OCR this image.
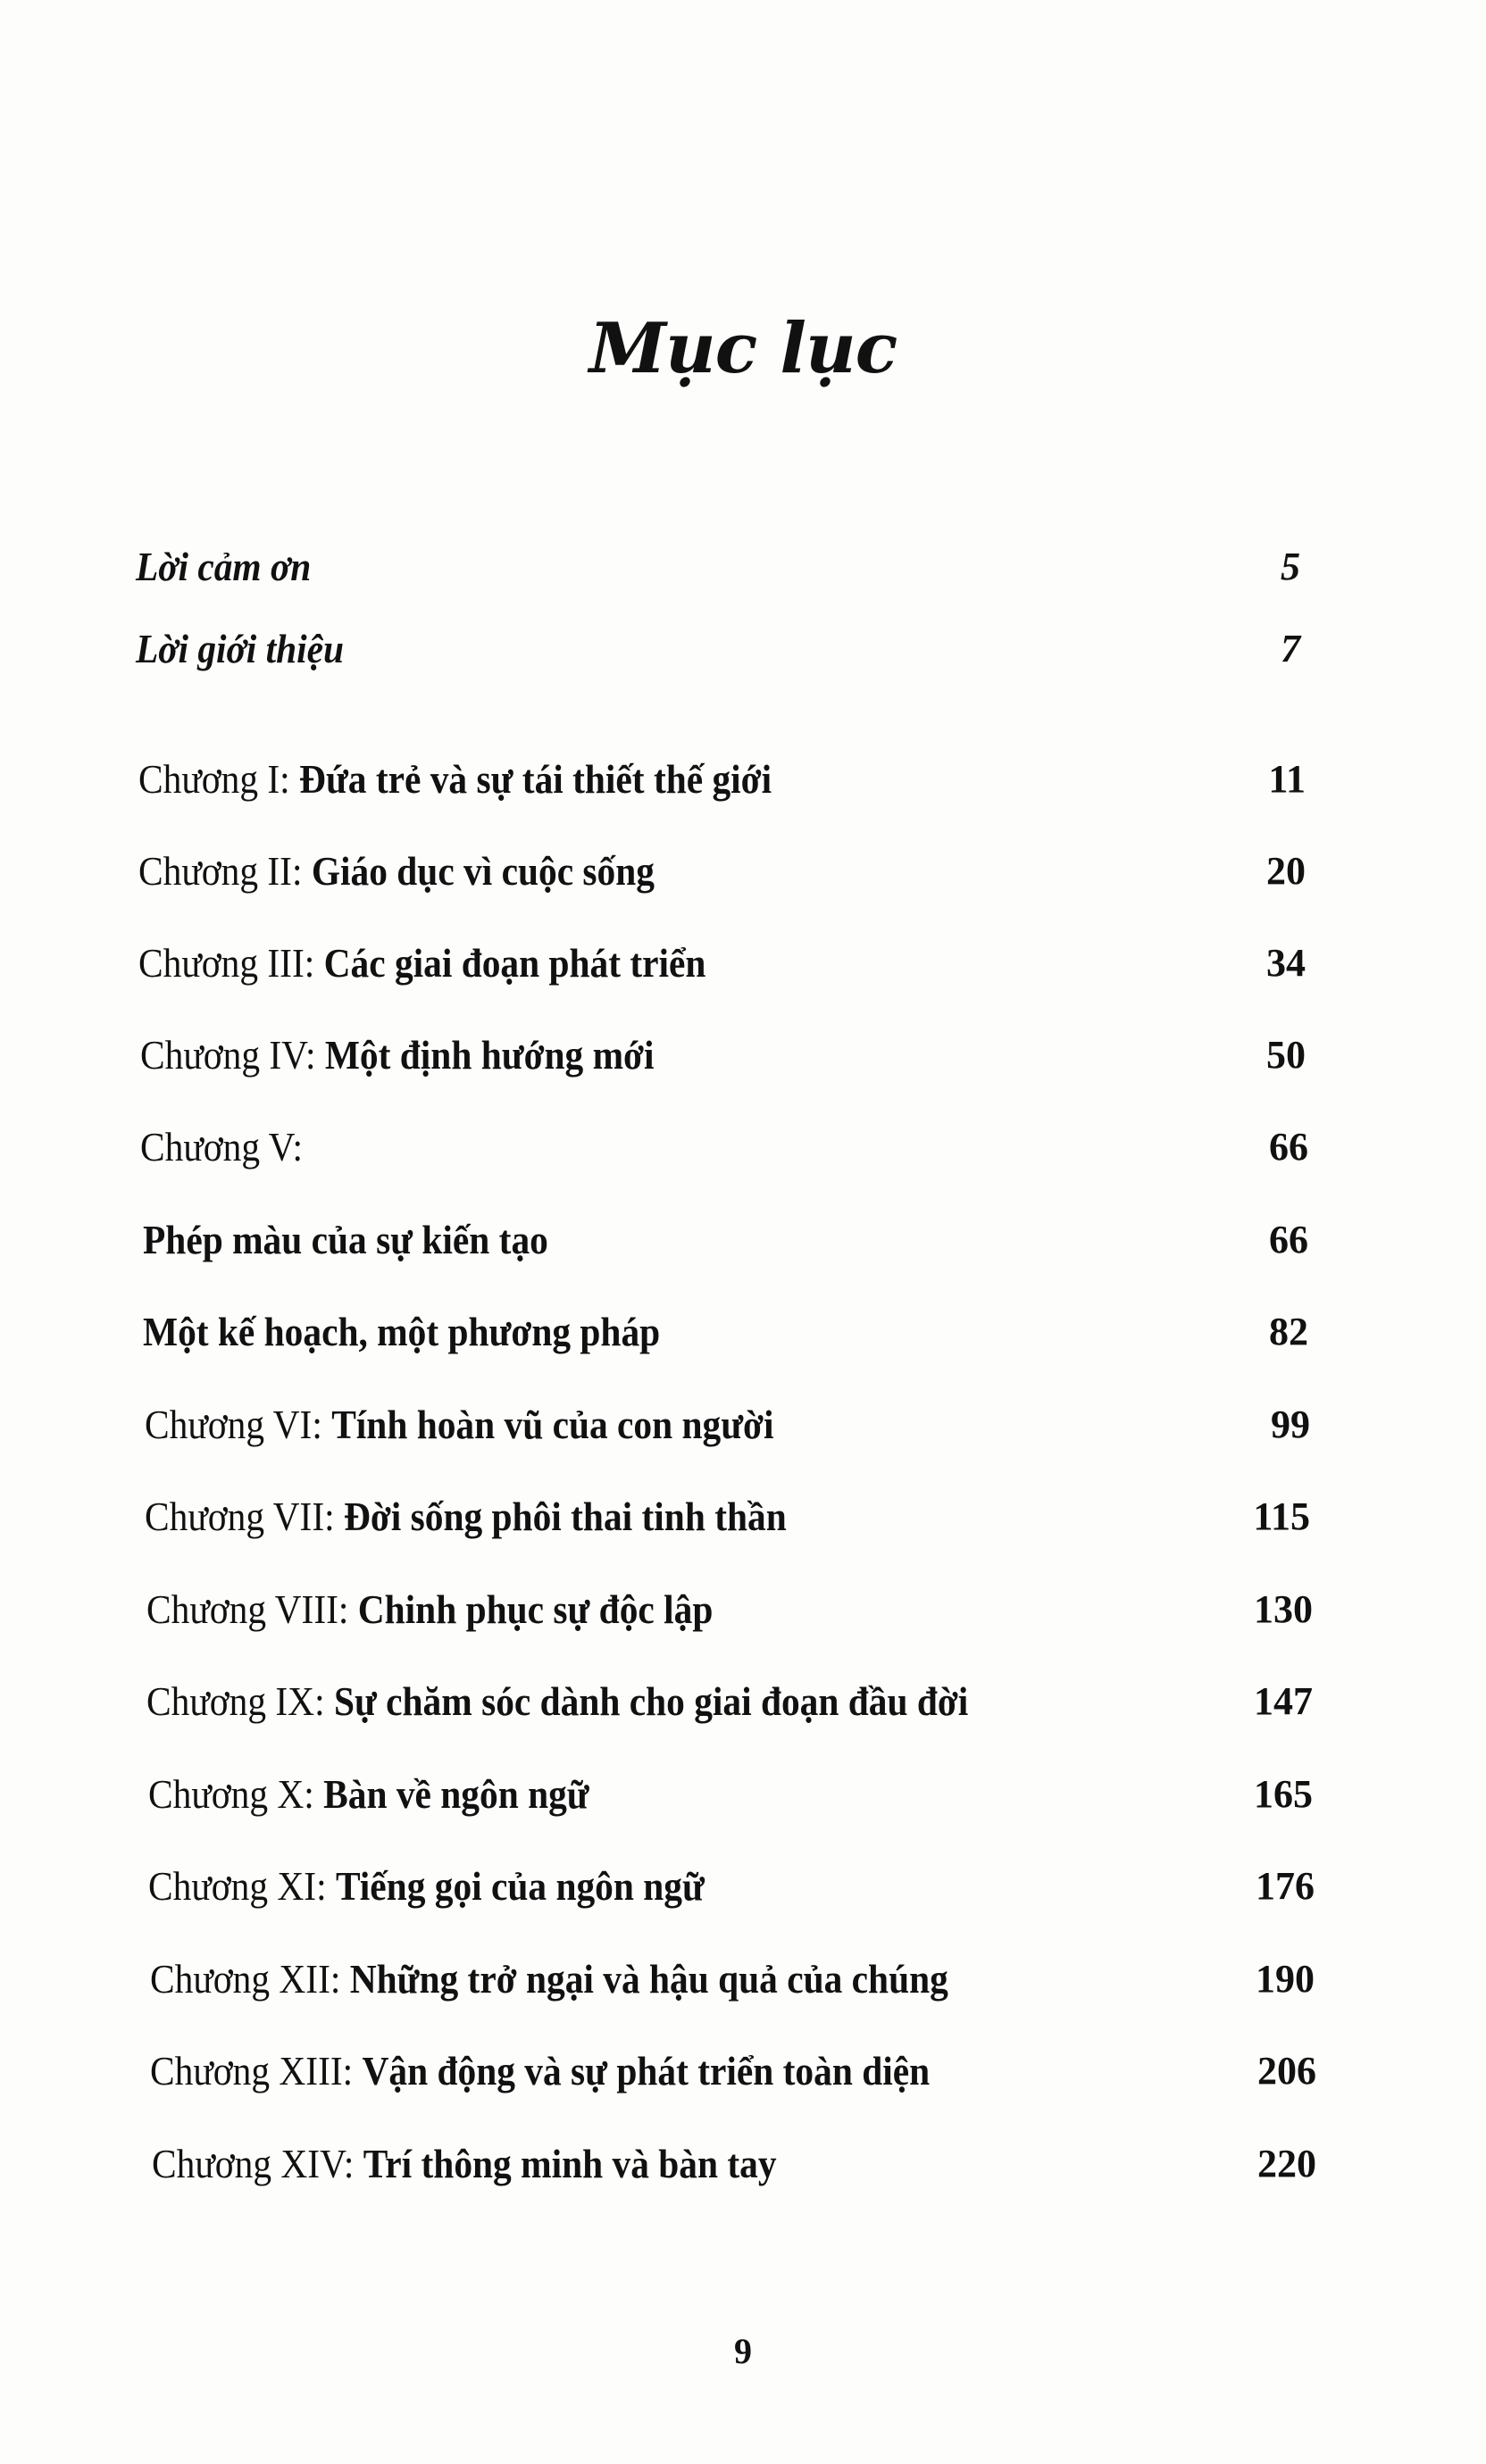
Mục lục
Lời cảm ơn	5
Lời giới thiệu	7
Chương I: Đứa trẻ và sự tái thiết thế giới	11
Chương II: Giáo dục vì cuộc sống	20
Chương III: Các giai đoạn phát triển	34
Chương IV: Một định hướng mới	50
Chương V:	66
Phép màu của sự kiến tạo	66
Một kế hoạch, một phương pháp	82
Chương VI: Tính hoàn vũ của con người	99
Chương VII: Đời sống phôi thai tinh thần	115
Chương VIII: Chinh phục sự độc lập	130
Chương IX: Sự chăm sóc dành cho giai đoạn đầu đời	147
Chương X: Bàn về ngôn ngữ	165
Chương XI: Tiếng gọi của ngôn ngữ	176
Chương XII: Những trở ngại và hậu quả của chúng	190
Chương XIII: Vận động và sự phát triển toàn diện	206
Chương XIV: Trí thông minh và bàn tay	220
9
